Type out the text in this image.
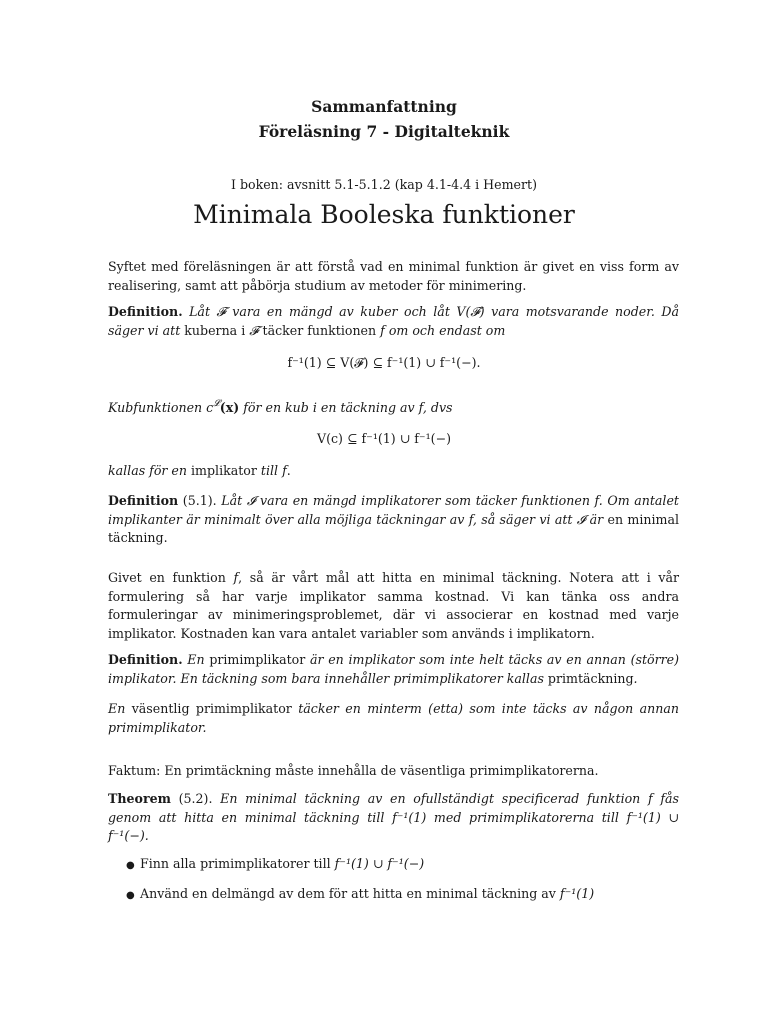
Sammanfattning
Föreläsning 7 - Digitalteknik
I boken: avsnitt 5.1-5.1.2 (kap 4.1-4.4 i Hemert)
Minimala Booleska funktioner
Syftet med föreläsningen är att förstå vad en minimal funktion är givet en viss form av realisering, samt att påbörja studium av metoder för minimering.
Definition. Låt 𝓕 vara en mängd av kuber och låt V(𝓕) vara motsvarande noder. Då säger vi att kuberna i 𝓕 täcker funktionen f om och endast om
f⁻¹(1) ⊆ V(𝓕) ⊆ f⁻¹(1) ∪ f⁻¹(−).
Kubfunktionen $c^𝓛(x)$ för en kub i en täckning av f, dvs
V(c) ⊆ f⁻¹(1) ∪ f⁻¹(−)
kallas för en implikator till f.
Definition (5.1). Låt 𝓘 vara en mängd implikatorer som täcker funktionen f. Om antalet implikanter är minimalt över alla möjliga täckningar av f, så säger vi att 𝓘 är en minimal täckning.
Givet en funktion f, så är vårt mål att hitta en minimal täckning. Notera att i vår formulering så har varje implikator samma kostnad. Vi kan tänka oss andra formuleringar av minimeringsproblemet, där vi associerar en kostnad med varje implikator. Kostnaden kan vara antalet variabler som används i implikatorn.
Definition. En primimplikator är en implikator som inte helt täcks av en annan (större) implikator. En täckning som bara innehåller primimplikatorer kallas primtäckning.
En väsentlig primimplikator täcker en minterm (etta) som inte täcks av någon annan primimplikator.
Faktum: En primtäckning måste innehålla de väsentliga primimplikatorerna.
Theorem (5.2). En minimal täckning av en ofullständigt specificerad funktion f fås genom att hitta en minimal täckning till f⁻¹(1) med primimplikatorerna till f⁻¹(1) ∪ f⁻¹(−).
● Finn alla primimplikatorer till f⁻¹(1) ∪ f⁻¹(−)
● Använd en delmängd av dem för att hitta en minimal täckning av f⁻¹(1)
